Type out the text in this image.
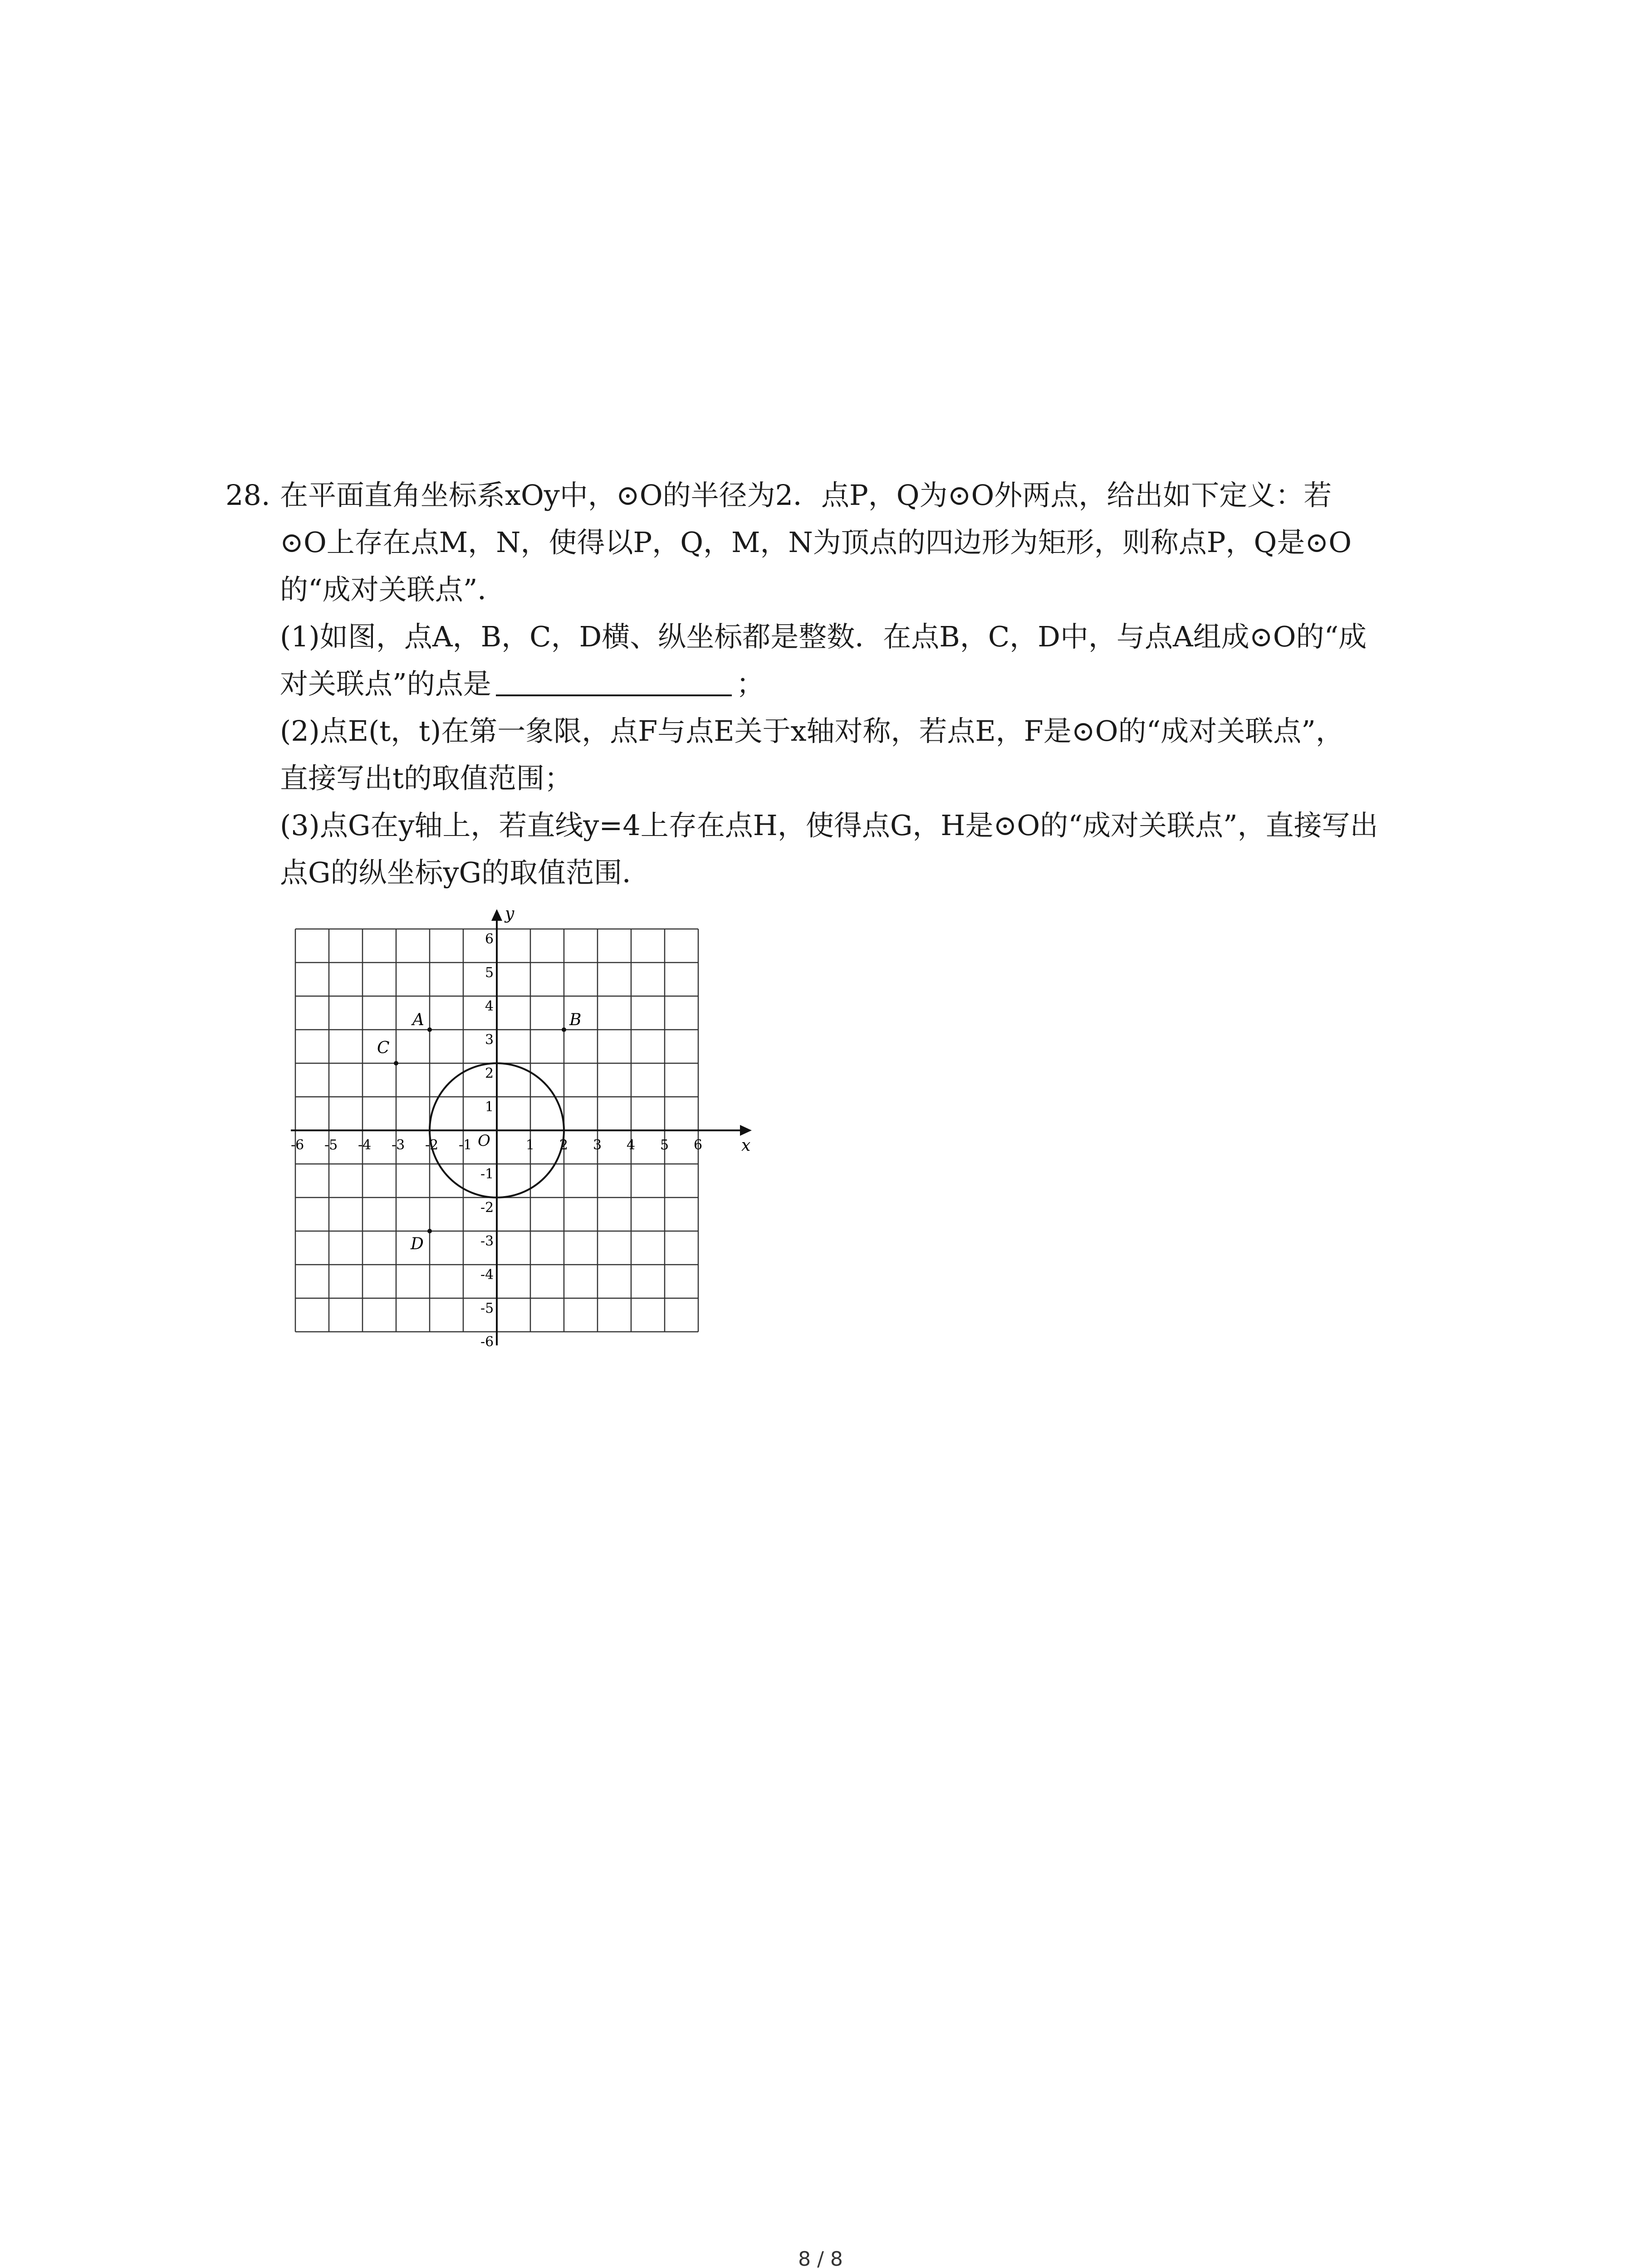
28. 在平面直角坐标系xOy中，⊙O的半径为2．点P，Q为⊙O外两点，给出如下定义：若
⊙O上存在点M，N，使得以P，Q，M，N为顶点的四边形为矩形，则称点P，Q是⊙O
的“成对关联点”．
(1)如图，点A，B，C，D横、纵坐标都是整数．在点B，C，D中，与点A组成⊙O的“成
对关联点”的点是	；
(2)点E(t，t)在第一象限，点F与点E关于x轴对称，若点E，F是⊙O的“成对关联点”，
直接写出t的取值范围；
(3)点G在y轴上，若直线y=4上存在点H，使得点G，H是⊙O的“成对关联点”，直接写出
点G的纵坐标yG的取值范围．
x
y
O
-6 -5 -4 -3 -2 -1	1 2 3 4 5 6
6
5
4
3
2
1
-1
-2
-3
-4
-5
-6
A	B
C
D
8 / 8
